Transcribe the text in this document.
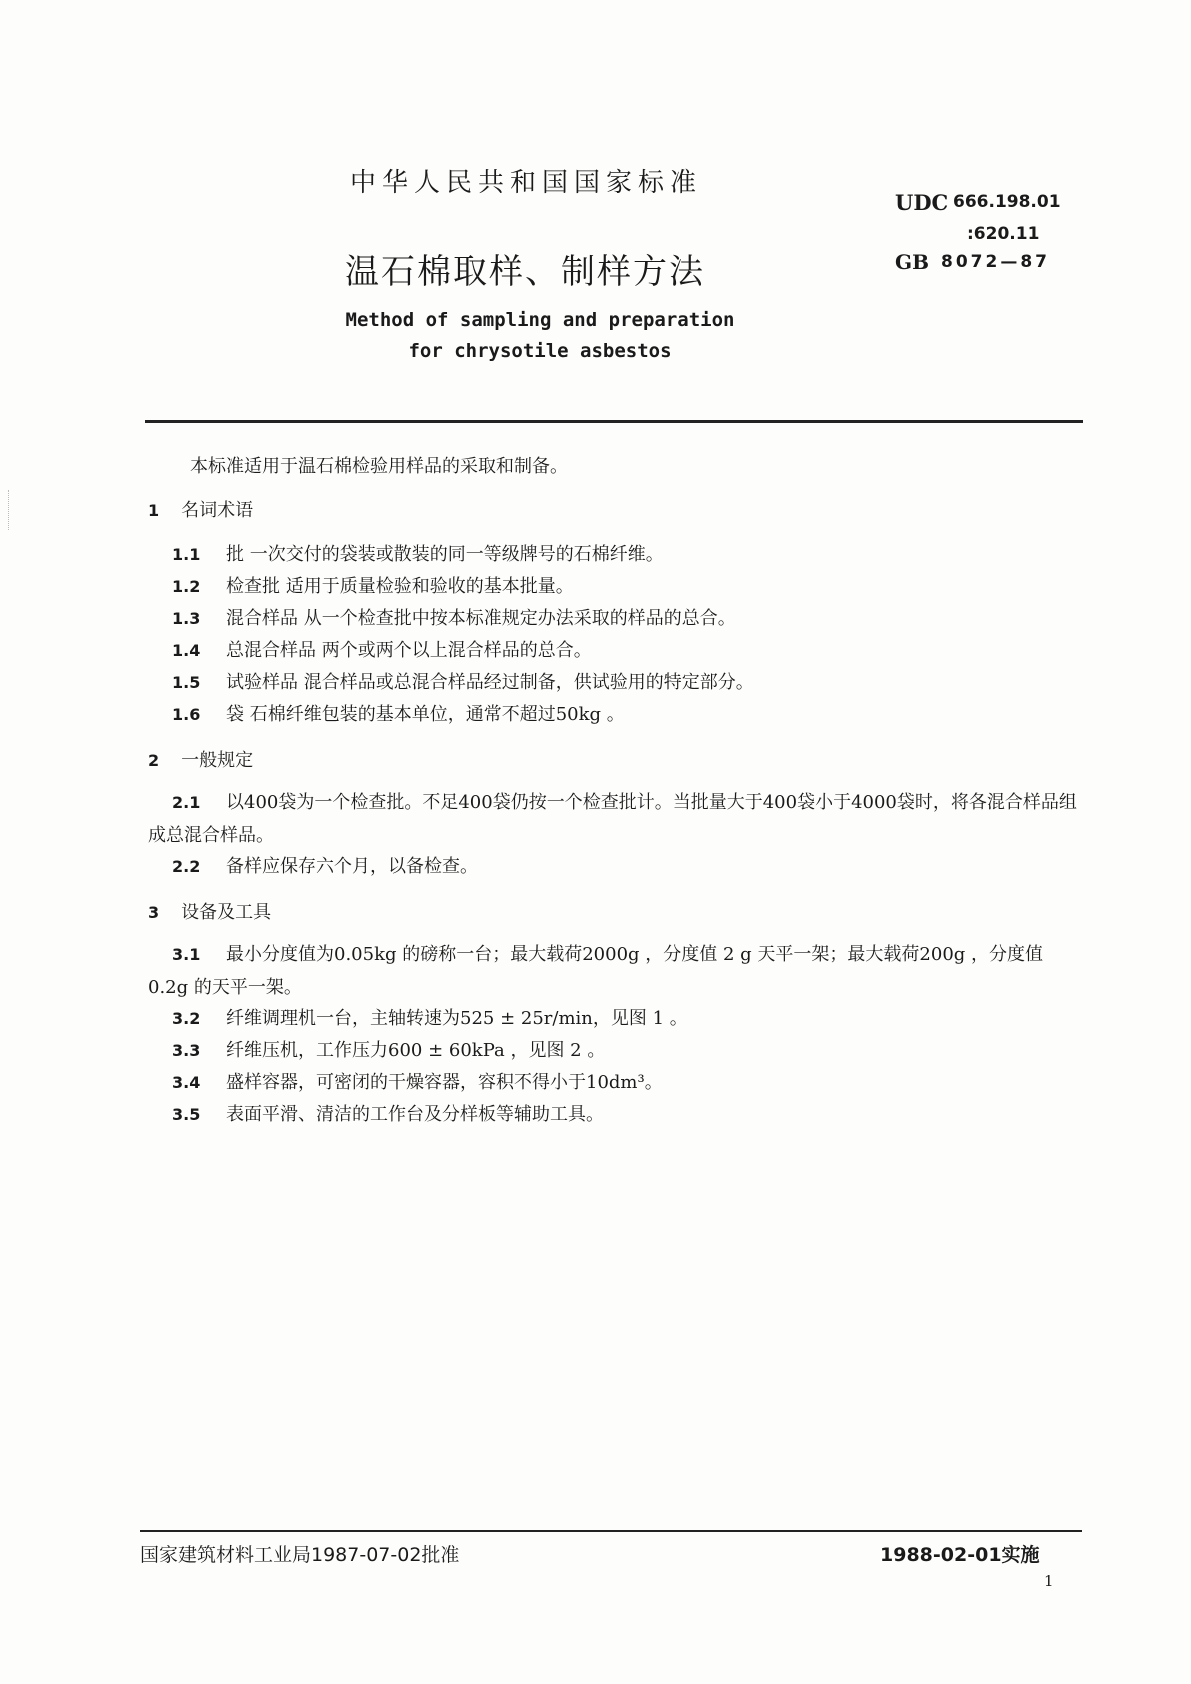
中华人民共和国国家标准
UDC 666.198.01
:620.11
GB 8072—87
温石棉取样、制样方法
Method of sampling and preparation
for chrysotile asbestos
本标准适用于温石棉检验用样品的采取和制备。
1 名词术语
1.1 批 一次交付的袋装或散装的同一等级牌号的石棉纤维。
1.2 检查批 适用于质量检验和验收的基本批量。
1.3 混合样品 从一个检查批中按本标准规定办法采取的样品的总合。
1.4 总混合样品 两个或两个以上混合样品的总合。
1.5 试验样品 混合样品或总混合样品经过制备，供试验用的特定部分。
1.6 袋 石棉纤维包装的基本单位，通常不超过50kg 。
2 一般规定
2.1 以400袋为一个检查批。不足400袋仍按一个检查批计。当批量大于400袋小于4000袋时，将各混合样品组成总混合样品。
2.2 备样应保存六个月，以备检查。
3 设备及工具
3.1 最小分度值为0.05kg 的磅称一台；最大载荷2000g ，分度值 2 g 天平一架；最大载荷200g ，分度值0.2g 的天平一架。
3.2 纤维调理机一台，主轴转速为525 ± 25r/min，见图 1 。
3.3 纤维压机，工作压力600 ± 60kPa ，见图 2 。
3.4 盛样容器，可密闭的干燥容器，容积不得小于10dm³。
3.5 表面平滑、清洁的工作台及分样板等辅助工具。
国家建筑材料工业局1987-07-02批准	1988-02-01实施
1
